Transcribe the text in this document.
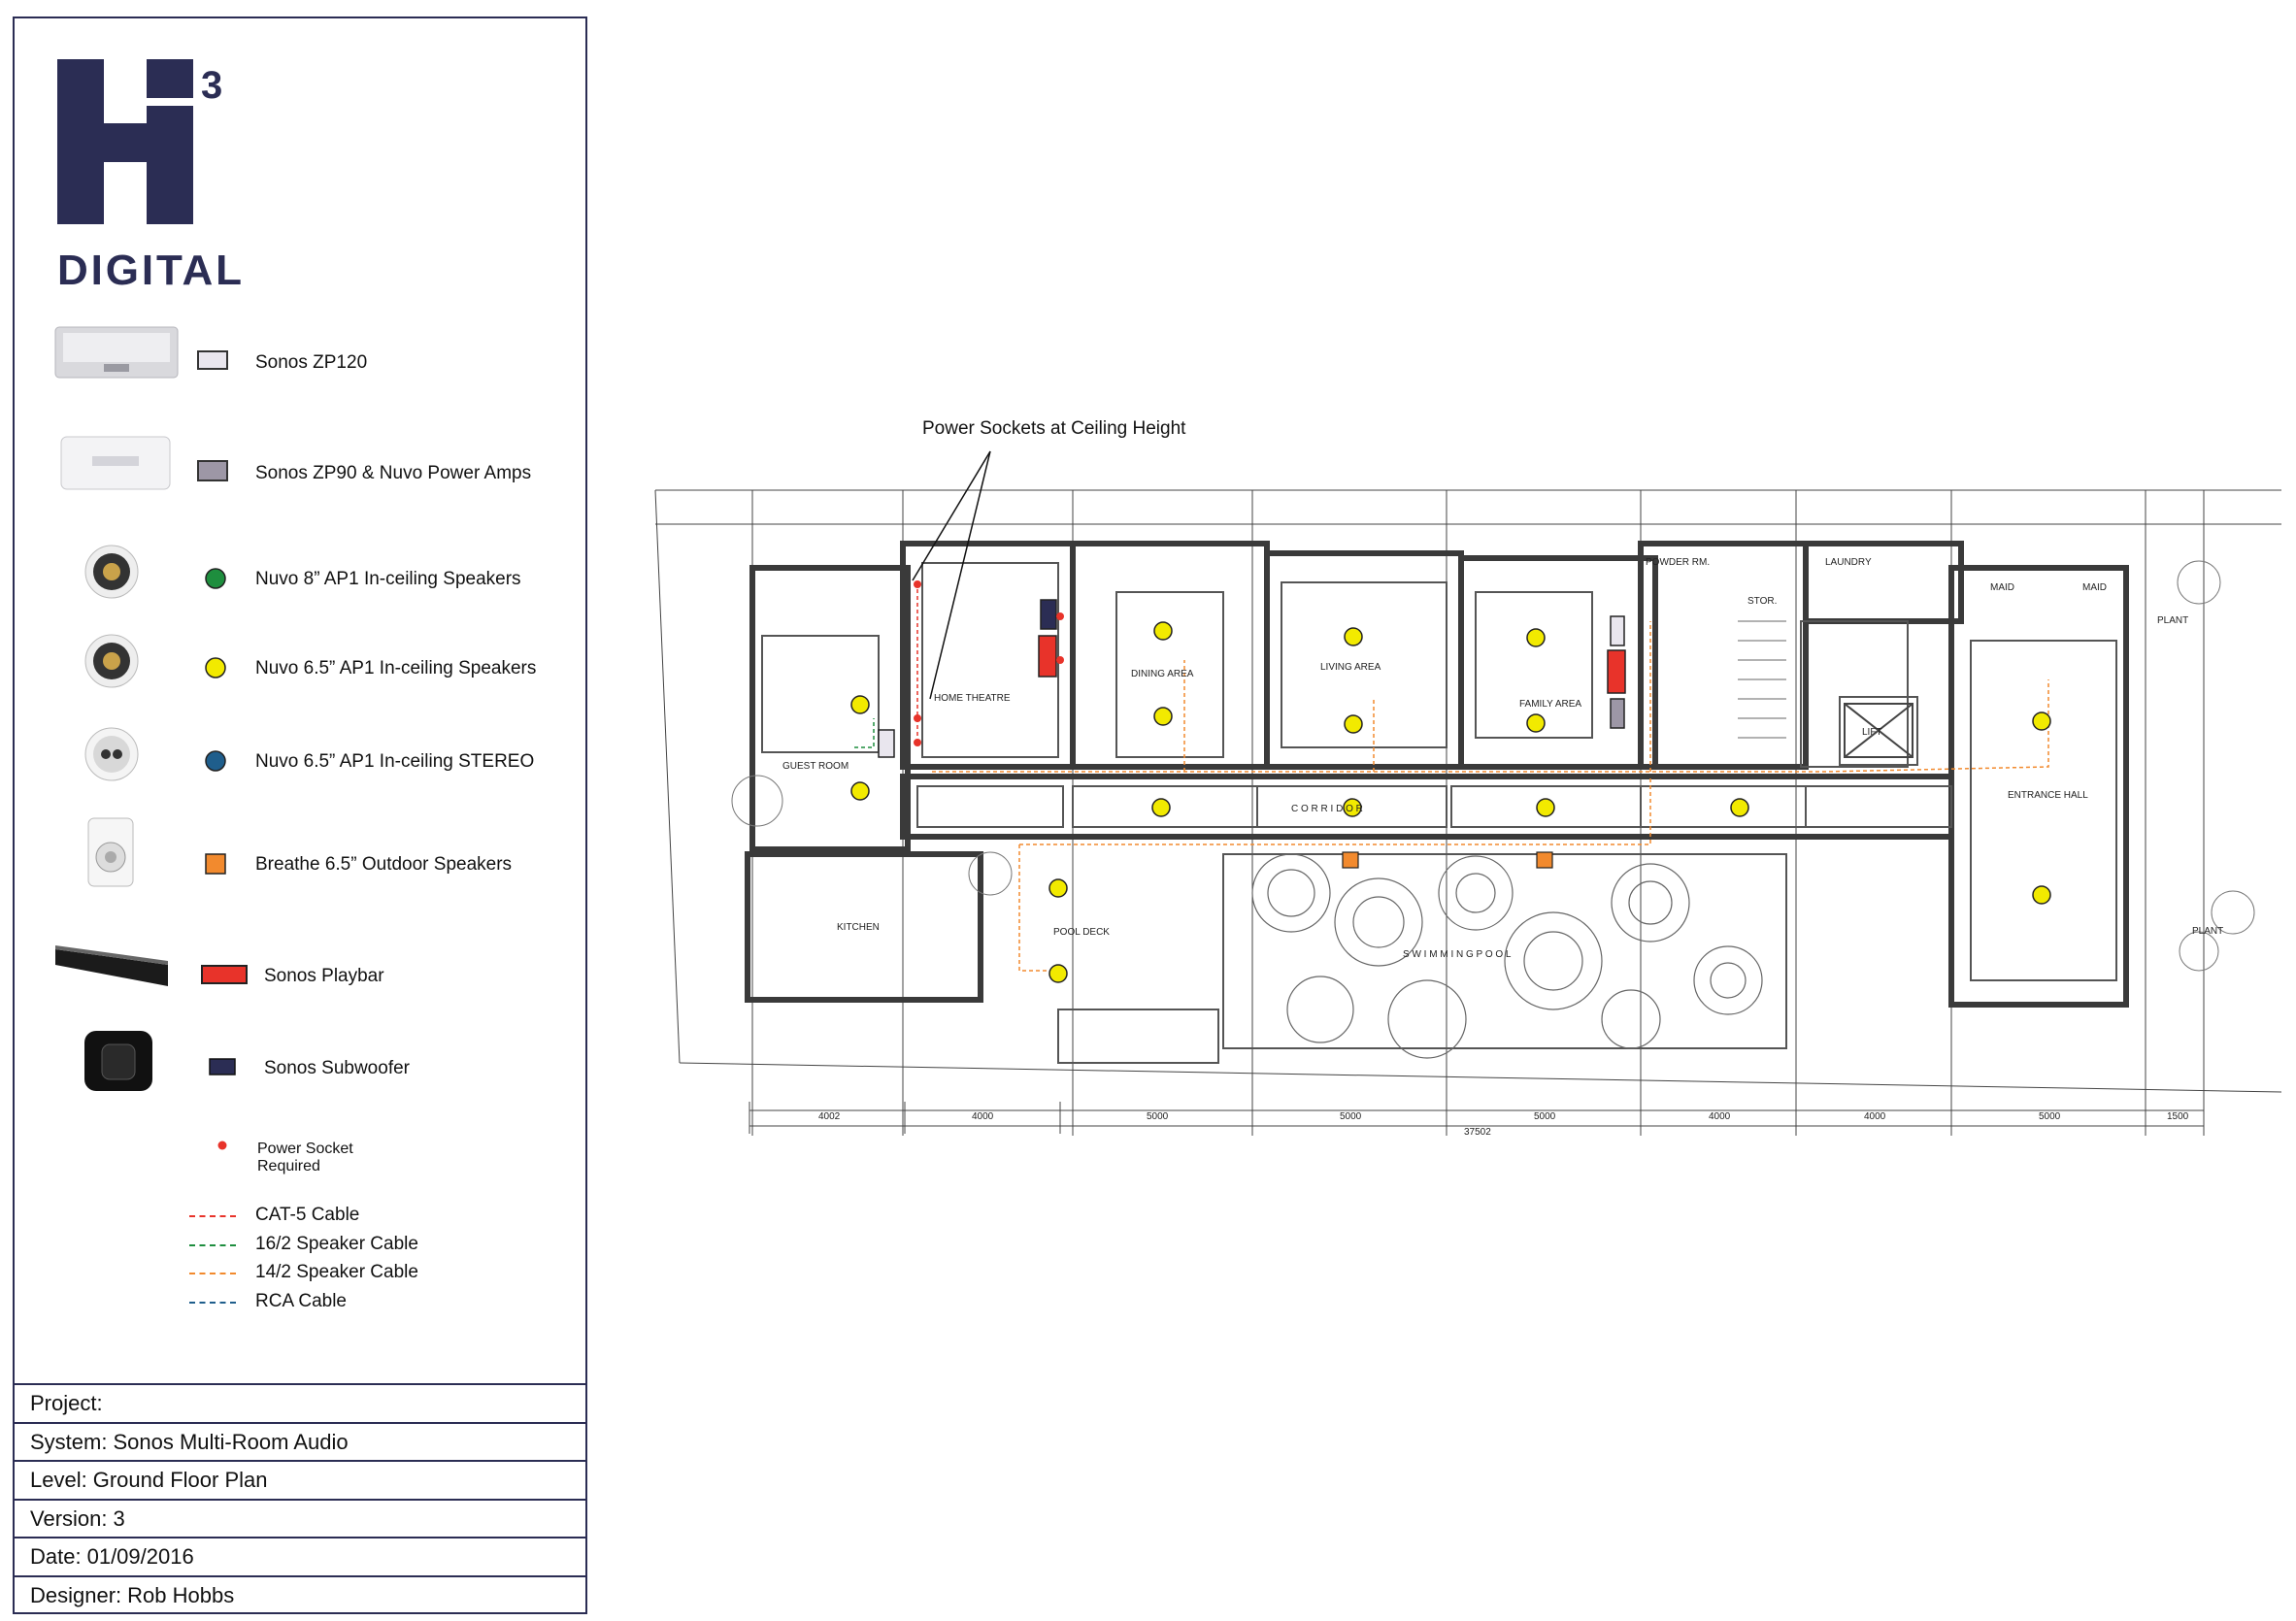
3
DIGITAL
Sonos ZP120
Sonos ZP90 & Nuvo Power Amps
Nuvo 8” AP1 In-ceiling Speakers
Nuvo 6.5” AP1 In-ceiling Speakers
Nuvo 6.5” AP1 In-ceiling STEREO
Breathe 6.5” Outdoor Speakers
Sonos Playbar
Sonos Subwoofer
Power Socket
Required
CAT-5 Cable
16/2 Speaker Cable
14/2 Speaker Cable
RCA Cable
Project:
System: Sonos Multi-Room Audio
Level: Ground Floor Plan
Version: 3
Date: 01/09/2016
Designer: Rob Hobbs
Power Sockets at Ceiling Height
POWDER RM.	LAUNDRY
MAID	MAID
STOR.
PLANT
PLANT
HOME THEATRE
DINING AREA
LIVING AREA
FAMILY AREA
GUEST ROOM
ENTRANCE HALL
LIFT
C O R R I D O R
KITCHEN	POOL DECK
S W I M M I N G P O O L
4002	4000	5000	5000	5000	4000	4000	5000	1500
37502
